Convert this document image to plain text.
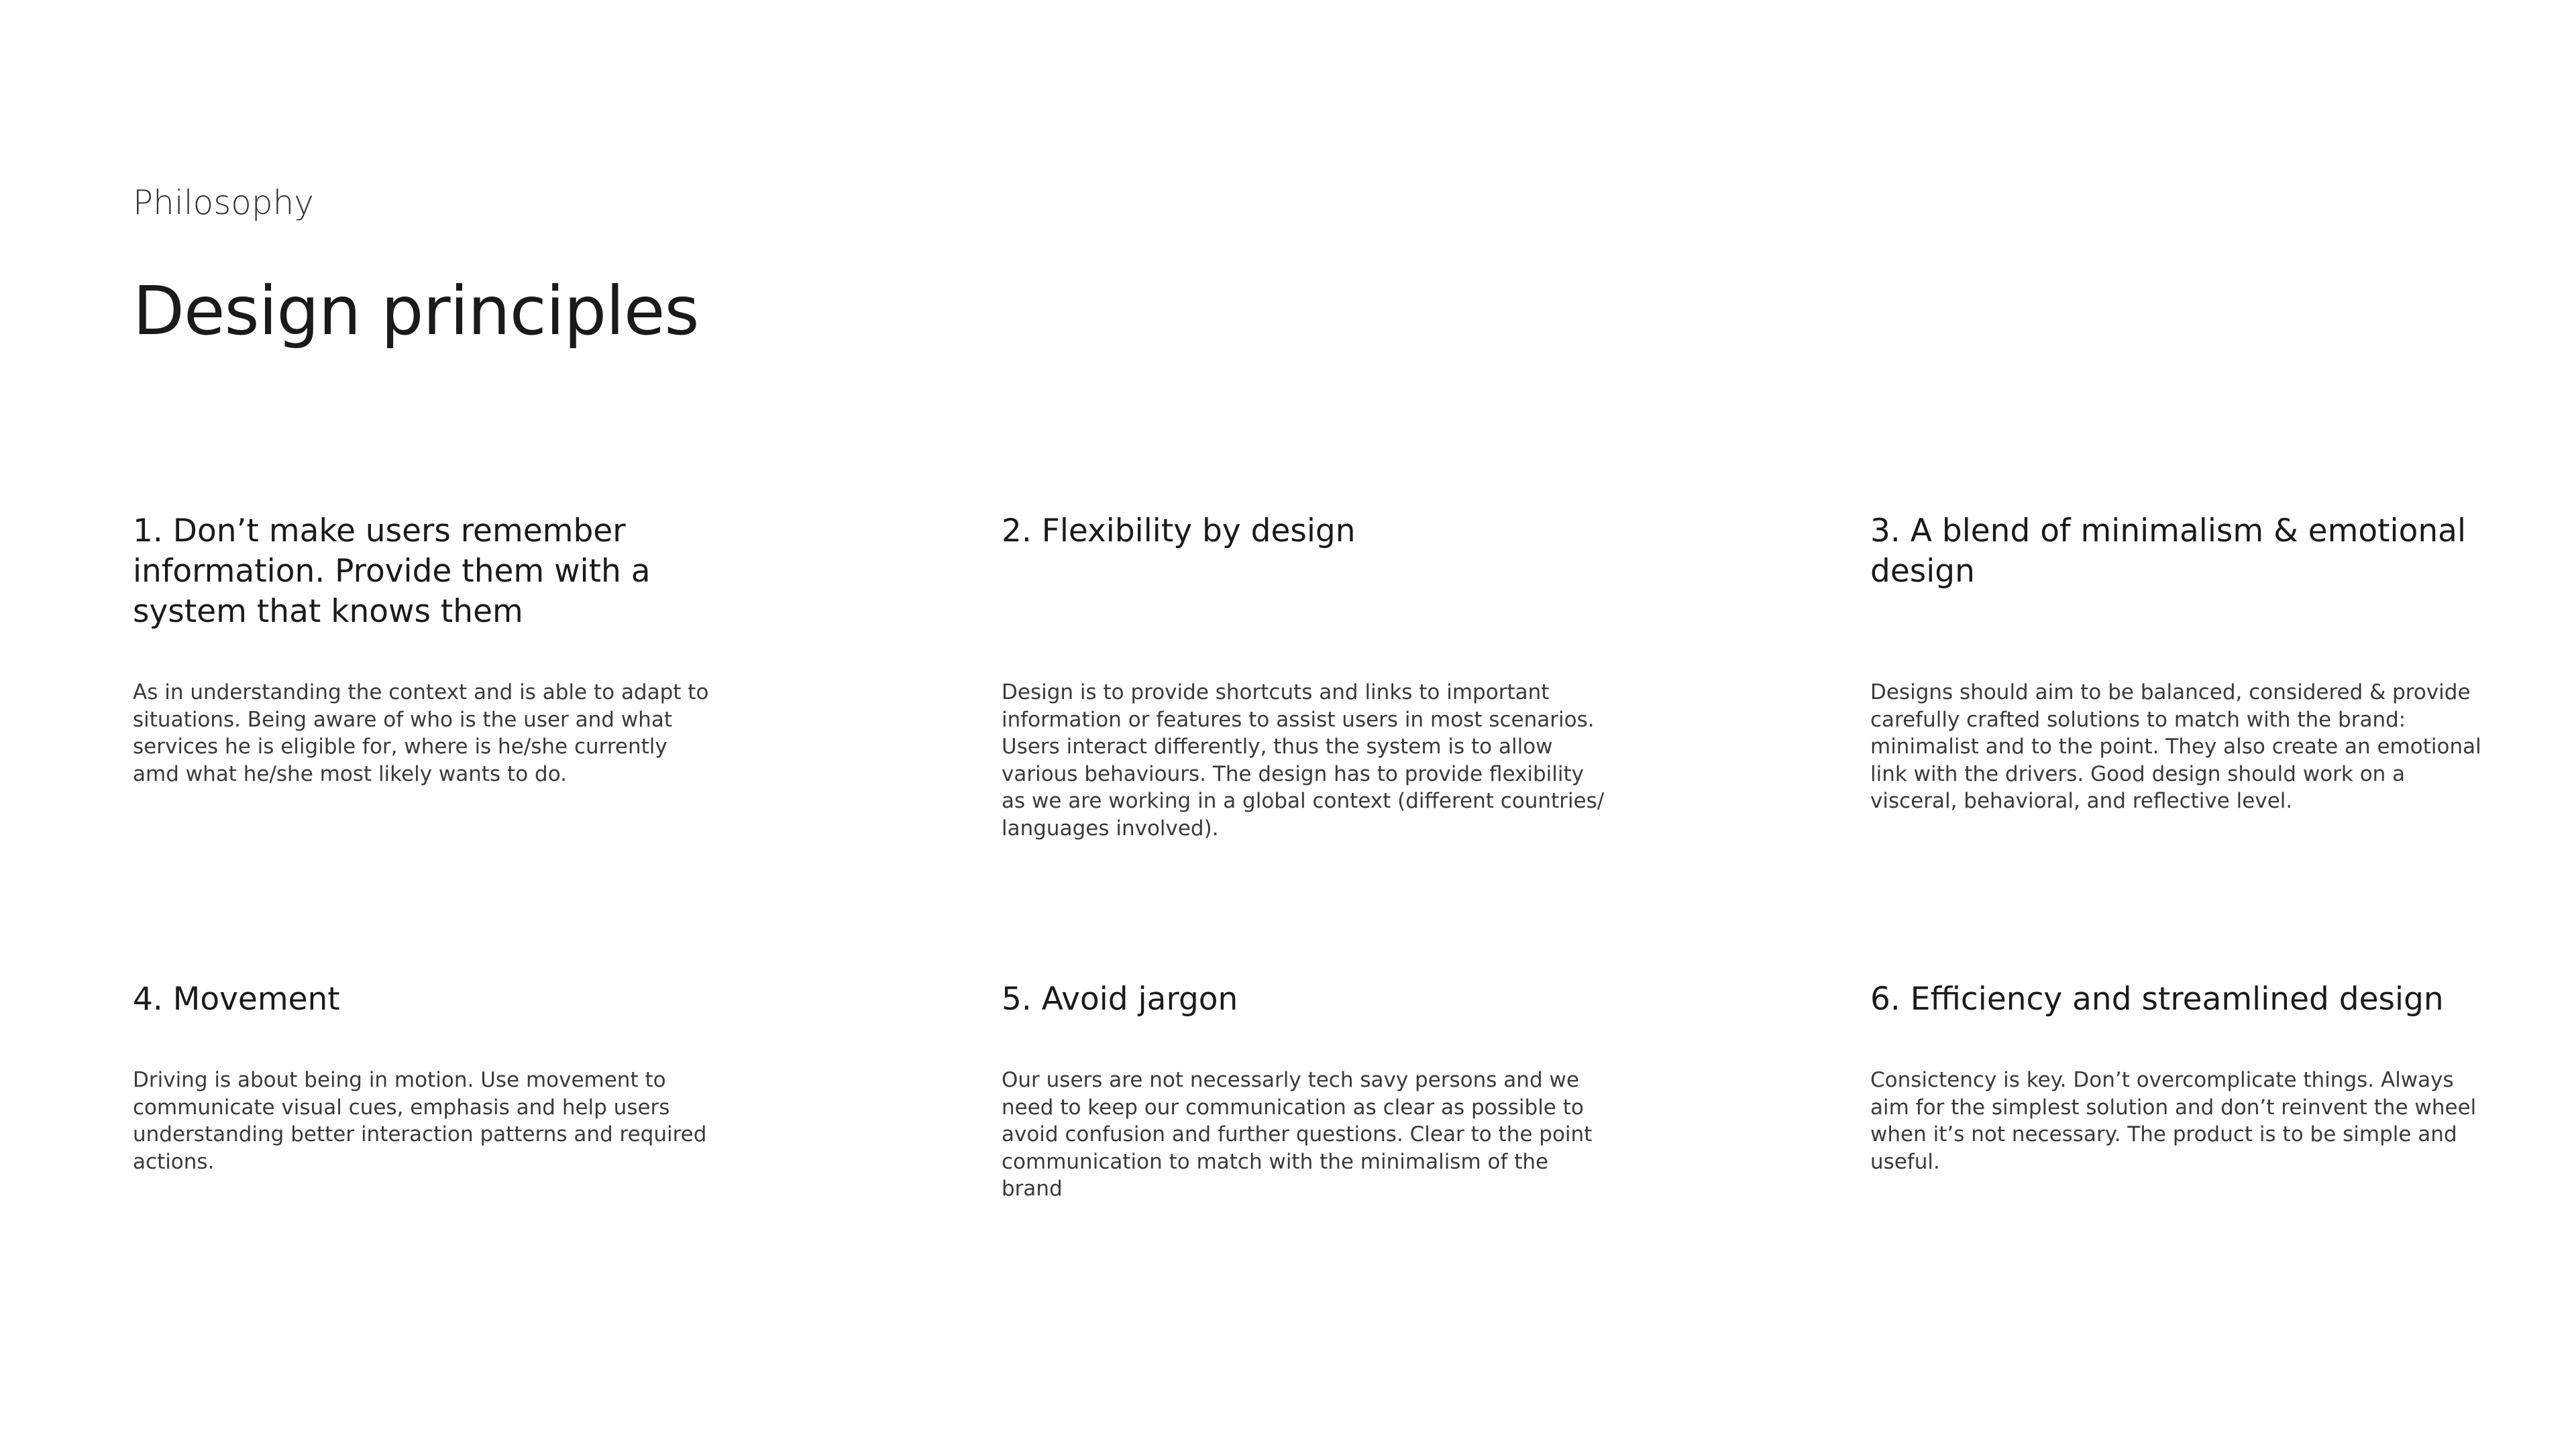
Philosophy
Design principles
1. Don’t make users remember information. Provide them with a system that knows them

As in understanding the context and is able to adapt to situations. Being aware of who is the user and what services he is eligible for, where is he/she currently amd what he/she most likely wants to do.

2. Flexibility by design

Design is to provide shortcuts and links to important information or features to assist users in most scenarios. Users interact differently, thus the system is to allow various behaviours. The design has to provide flexibility as we are working in a global context (different countries/ languages involved).

3. A blend of minimalism & emotional design

Designs should aim to be balanced, considered & provide carefully crafted solutions to match with the brand: minimalist and to the point. They also create an emotional link with the drivers. Good design should work on a visceral, behavioral, and reflective level.

4. Movement

Driving is about being in motion. Use movement to communicate visual cues, emphasis and help users understanding better interaction patterns and required actions.

5. Avoid jargon

Our users are not necessarly tech savy persons and we need to keep our communication as clear as possible to avoid confusion and further questions. Clear to the point communication to match with the minimalism of the brand

6. Efficiency and streamlined design

Consictency is key. Don’t overcomplicate things. Always aim for the simplest solution and don’t reinvent the wheel when it’s not necessary. The product is to be simple and useful.
